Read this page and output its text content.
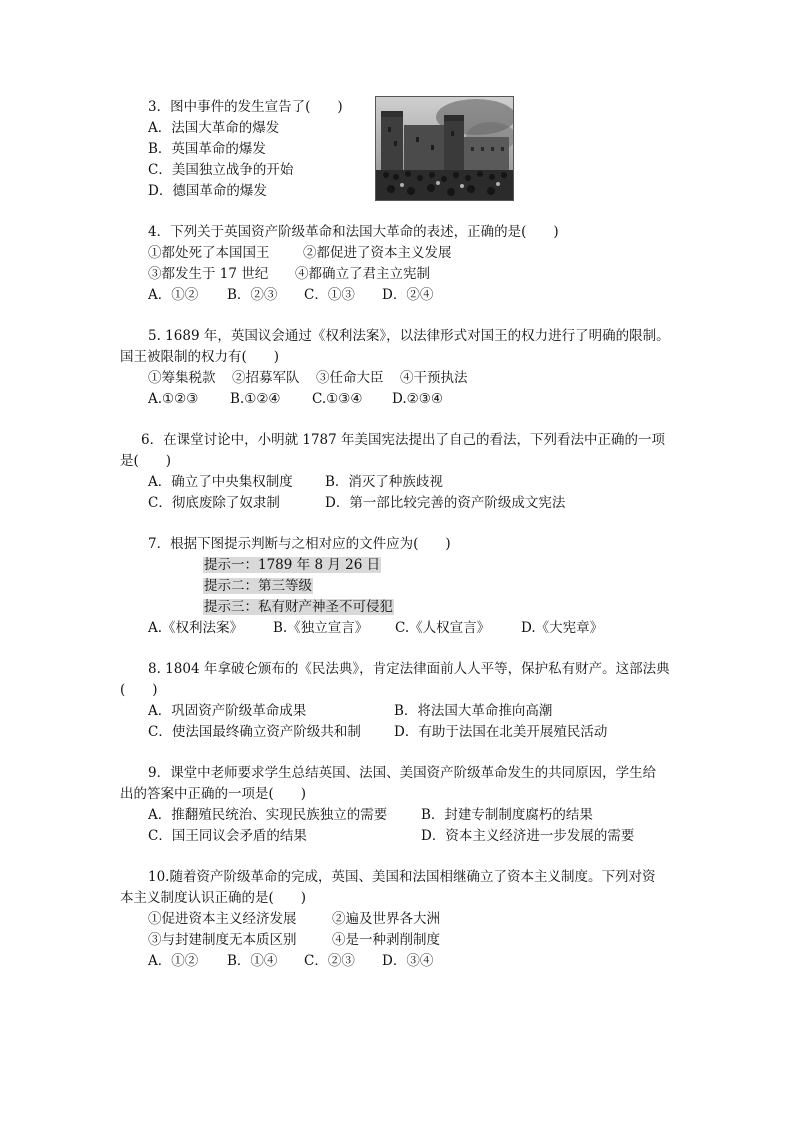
3．图中事件的发生宣告了(　　)
A．法国大革命的爆发
B．英国革命的爆发
C．美国独立战争的开始
D．德国革命的爆发
4．下列关于英国资产阶级革命和法国大革命的表述，正确的是(　　)
①都处死了本国国王 ②都促进了资本主义发展
③都发生于 17 世纪 ④都确立了君主立宪制
A．①② B．②③ C．①③ D．②④
5. 1689 年，英国议会通过《权利法案》，以法律形式对国王的权力进行了明确的限制。
国王被限制的权力有(　　)
①筹集税款 ②招募军队 ③任命大臣 ④干预执法
A.①②③ B.①②④ C.①③④ D.②③④
6．在课堂讨论中，小明就 1787 年美国宪法提出了自己的看法，下列看法中正确的一项
是(　　)
A．确立了中央集权制度 B．消灭了种族歧视
C．彻底废除了奴隶制	D．第一部比较完善的资产阶级成文宪法
7．根据下图提示判断与之相对应的文件应为(　　)
提示一：1789 年 8 月 26 日
提示二：第三等级
提示三：私有财产神圣不可侵犯
A.《权利法案》 B.《独立宣言》 C.《人权宣言》 D.《大宪章》
8. 1804 年拿破仑颁布的《民法典》，肯定法律面前人人平等，保护私有财产。这部法典
(　　)
A．巩固资产阶级革命成果	B．将法国大革命推向高潮
C．使法国最终确立资产阶级共和制 D．有助于法国在北美开展殖民活动
9．课堂中老师要求学生总结英国、法国、美国资产阶级革命发生的共同原因，学生给
出的答案中正确的一项是(　　)
A．推翻殖民统治、实现民族独立的需要	B．封建专制制度腐朽的结果
C．国王同议会矛盾的结果	D．资本主义经济进一步发展的需要
10.随着资产阶级革命的完成，英国、美国和法国相继确立了资本主义制度。下列对资
本主义制度认识正确的是(　　)
①促进资本主义经济发展	②遍及世界各大洲
③与封建制度无本质区别	④是一种剥削制度
A．①② B．①④ C．②③ D．③④
